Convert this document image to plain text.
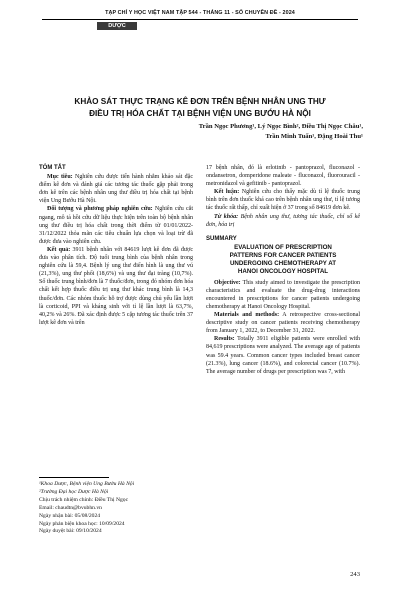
TẠP CHÍ Y HỌC VIỆT NAM TẬP 544 - THÁNG 11 - SỐ CHUYÊN ĐỀ - 2024
DƯỢC
KHẢO SÁT THỰC TRẠNG KÊ ĐƠN TRÊN BỆNH NHÂN UNG THƯ
ĐIỀU TRỊ HÓA CHẤT TẠI BỆNH VIỆN UNG BƯỚU HÀ NỘI
Trần Ngọc Phương¹, Lý Ngọc Bình², Điều Thị Ngọc Châu¹,
Trần Minh Tuấn¹, Đặng Hoài Thu¹
TÓM TẮT

Mục tiêu: Nghiên cứu được tiến hành nhằm khảo sát đặc điểm kê đơn và đánh giá các tương tác thuốc gặp phải trong đơn kê trên các bệnh nhân ung thư điều trị hóa chất tại bệnh viện Ung Bướu Hà Nội.

Đối tượng và phương pháp nghiên cứu: Nghiên cứu cắt ngang, mô tả hồi cứu dữ liệu thực hiện trên toàn bộ bệnh nhân ung thư điều trị hóa chất trong thời điểm từ 01/01/2022-31/12/2022 thỏa mãn các tiêu chuẩn lựa chọn và loại trừ đã được đưa vào nghiên cứu.

Kết quả: 3911 bệnh nhân với 84619 lượt kê đơn đã được đưa vào phân tích. Độ tuổi trung bình của bệnh nhân trong nghiên cứu là 59,4. Bệnh lý ung thư điển hình là ung thư vú (21,3%), ung thư phổi (18,6%) và ung thư đại tràng (10,7%). Số thuốc trung bình/đơn là 7 thuốc/đơn, trong đó nhóm đơn hóa chất kết hợp thuốc điều trị ung thư khác trung bình là 14,3 thuốc/đơn. Các nhóm thuốc hỗ trợ được dùng chủ yếu lần lượt là corticoid, PPI và kháng sinh với tỉ lệ lần lượt là 63,7%, 40,2% và 26%. Đã xác định được 5 cặp tương tác thuốc trên 37 lượt kê đơn và trên

¹Khoa Dược, Bệnh viện Ung Bướu Hà Nội
²Trường Đại học Dược Hà Nội
Chịu trách nhiệm chính: Điều Thị Ngọc
Email: chaudtn@bvubhn.vn
Ngày nhận bài: 05/08/2024
Ngày phản biện khoa học: 10/09/2024
Ngày duyệt bài: 09/10/2024

17 bệnh nhân, đó là erlotinib - pantoprazol, fluconazol - ondansetron, domperidone maleate - fluconazol, fluorouracil - metronidazol và gefitinib - pantoprazol.

Kết luận: Nghiên cứu cho thấy mặc dù tỉ lệ thuốc trung bình trên đơn thuốc khá cao trên bệnh nhân ung thư, tỉ lệ tương tác thuốc rất thấp, chỉ xuất hiện ở 37 trong số 84619 đơn kê.

Từ khóa: Bệnh nhân ung thư, tương tác thuốc, chỉ số kê đơn, hóa trị

SUMMARY
EVALUATION OF PRESCRIPTION
PATTERNS FOR CANCER PATIENTS
UNDERGOING CHEMOTHERAPY AT
HANOI ONCOLOGY HOSPITAL

Objective: This study aimed to investigate the prescription characteristics and evaluate the drug-drug interactions encountered in prescriptions for cancer patients undergoing chemotherapy at Hanoi Oncology Hospital.

Materials and methods: A retrospective cross-sectional descriptive study on cancer patients receiving chemotherapy from January 1, 2022, to December 31, 2022.

Results: Totally 3911 eligible patients were enrolled with 84,619 prescriptions were analyzed. The average age of patients was 59.4 years. Common cancer types included breast cancer (21.3%), lung cancer (18.6%), and colorectal cancer (10.7%). The average number of drugs per prescription was 7, with

243
